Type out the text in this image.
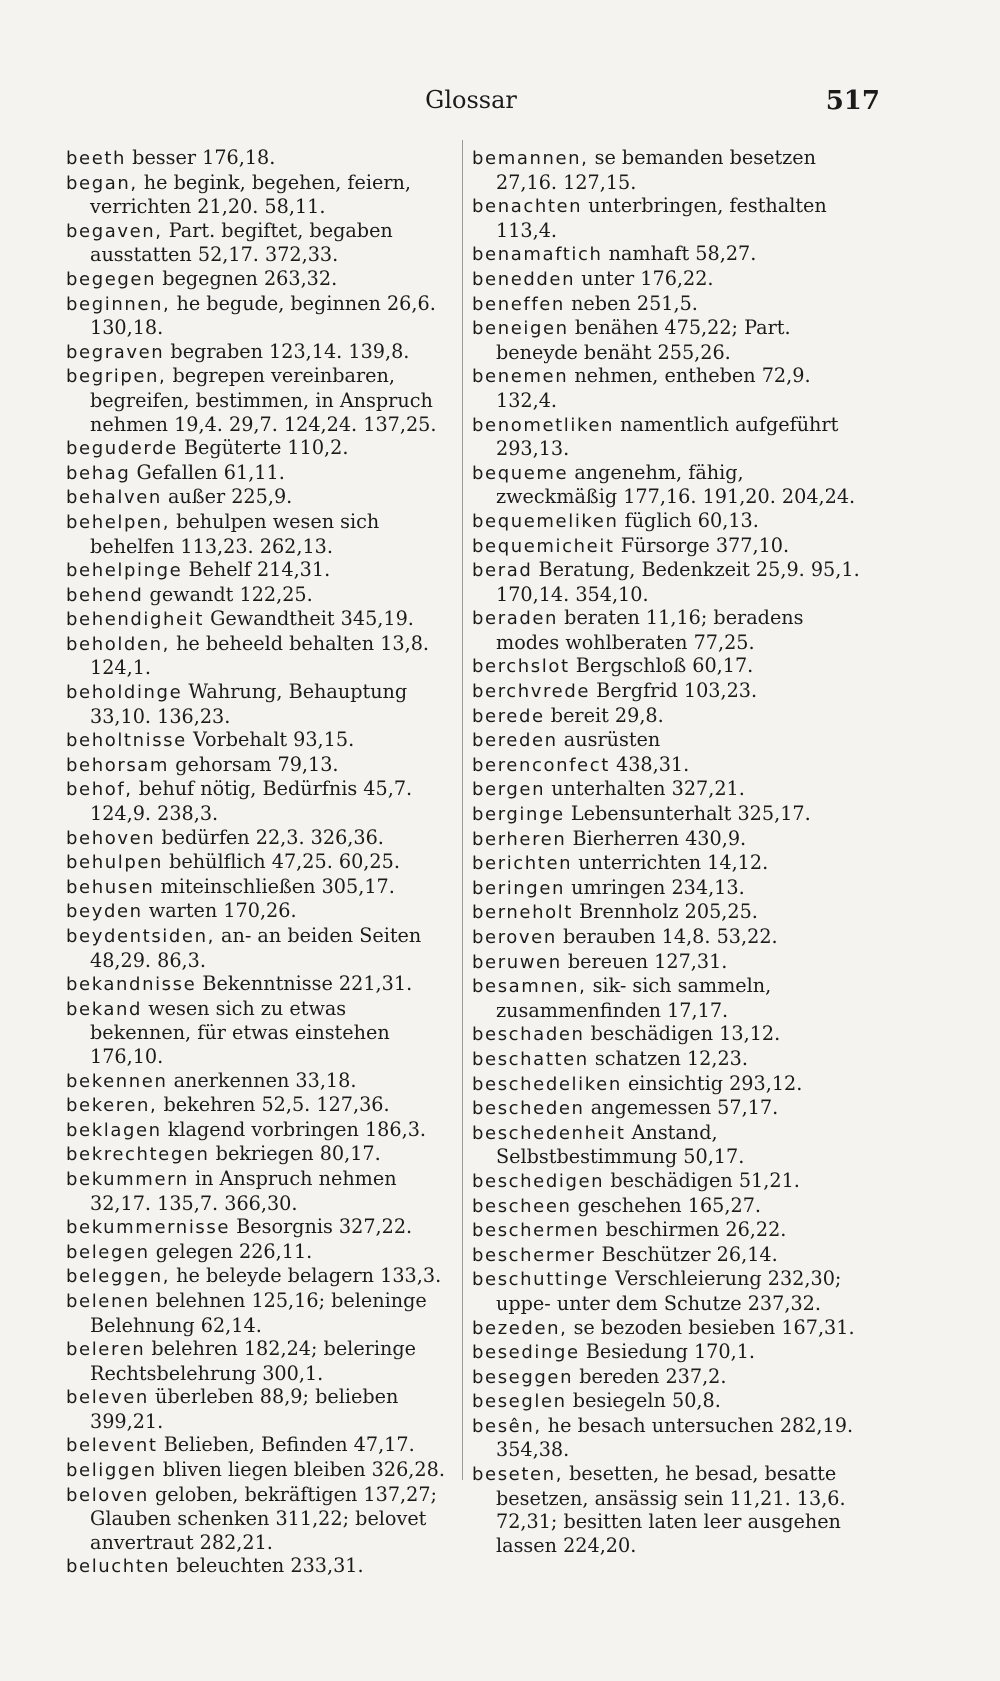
Glossar	517
beeth besser 176,18.
began, he begink, begehen, feiern, verrichten 21,20. 58,11.
begaven, Part. begiftet, begaben ausstatten 52,17. 372,33.
begegen begegnen 263,32.
beginnen, he begude, beginnen 26,6. 130,18.
begraven begraben 123,14. 139,8.
begripen, begrepen vereinbaren, begreifen, bestimmen, in Anspruch nehmen 19,4. 29,7. 124,24. 137,25.
beguderde Begüterte 110,2.
behag Gefallen 61,11.
behalven außer 225,9.
behelpen, behulpen wesen sich behelfen 113,23. 262,13.
behelpinge Behelf 214,31.
behend gewandt 122,25.
behendigheit Gewandtheit 345,19.
beholden, he beheeld behalten 13,8. 124,1.
beholdinge Wahrung, Behauptung 33,10. 136,23.
beholtnisse Vorbehalt 93,15.
behorsam gehorsam 79,13.
behof, behuf nötig, Bedürfnis 45,7. 124,9. 238,3.
behoven bedürfen 22,3. 326,36.
behulpen behülflich 47,25. 60,25.
behusen miteinschließen 305,17.
beyden warten 170,26.
beydentsiden, an- an beiden Seiten 48,29. 86,3.
bekandnisse Bekenntnisse 221,31.
bekand wesen sich zu etwas bekennen, für etwas einstehen 176,10.
bekennen anerkennen 33,18.
bekeren, bekehren 52,5. 127,36.
beklagen klagend vorbringen 186,3.
bekrechtegen bekriegen 80,17.
bekummern in Anspruch nehmen 32,17. 135,7. 366,30.
bekummernisse Besorgnis 327,22.
belegen gelegen 226,11.
beleggen, he beleyde belagern 133,3.
belenen belehnen 125,16; beleninge Belehnung 62,14.
beleren belehren 182,24; beleringe Rechtsbelehrung 300,1.
beleven überleben 88,9; belieben 399,21.
belevent Belieben, Befinden 47,17.
beliggen bliven liegen bleiben 326,28.
beloven geloben, bekräftigen 137,27; Glauben schenken 311,22; belovet anvertraut 282,21.
beluchten beleuchten 233,31.
bemannen, se bemanden besetzen 27,16. 127,15.
benachten unterbringen, festhalten 113,4.
benamaftich namhaft 58,27.
benedden unter 176,22.
beneffen neben 251,5.
beneigen benähen 475,22; Part. beneyde benäht 255,26.
benemen nehmen, entheben 72,9. 132,4.
benometliken namentlich aufgeführt 293,13.
bequeme angenehm, fähig, zweckmäßig 177,16. 191,20. 204,24.
bequemeliken füglich 60,13.
bequemicheit Fürsorge 377,10.
berad Beratung, Bedenkzeit 25,9. 95,1. 170,14. 354,10.
beraden beraten 11,16; beradens modes wohlberaten 77,25.
berchslot Bergschloß 60,17.
berchvrede Bergfrid 103,23.
berede bereit 29,8.
bereden ausrüsten
berenconfect 438,31.
bergen unterhalten 327,21.
berginge Lebensunterhalt 325,17.
berheren Bierherren 430,9.
berichten unterrichten 14,12.
beringen umringen 234,13.
berneholt Brennholz 205,25.
beroven berauben 14,8. 53,22.
beruwen bereuen 127,31.
besamnen, sik- sich sammeln, zusammenfinden 17,17.
beschaden beschädigen 13,12.
beschatten schatzen 12,23.
beschedeliken einsichtig 293,12.
bescheden angemessen 57,17.
beschedenheit Anstand, Selbstbestimmung 50,17.
beschedigen beschädigen 51,21.
bescheen geschehen 165,27.
beschermen beschirmen 26,22.
beschermer Beschützer 26,14.
beschuttinge Verschleierung 232,30; uppe- unter dem Schutze 237,32.
bezeden, se bezoden besieben 167,31.
besedinge Besiedung 170,1.
beseggen bereden 237,2.
beseglen besiegeln 50,8.
besên, he besach untersuchen 282,19. 354,38.
beseten, besetten, he besad, besatte besetzen, ansässig sein 11,21. 13,6. 72,31; besitten laten leer ausgehen lassen 224,20.
